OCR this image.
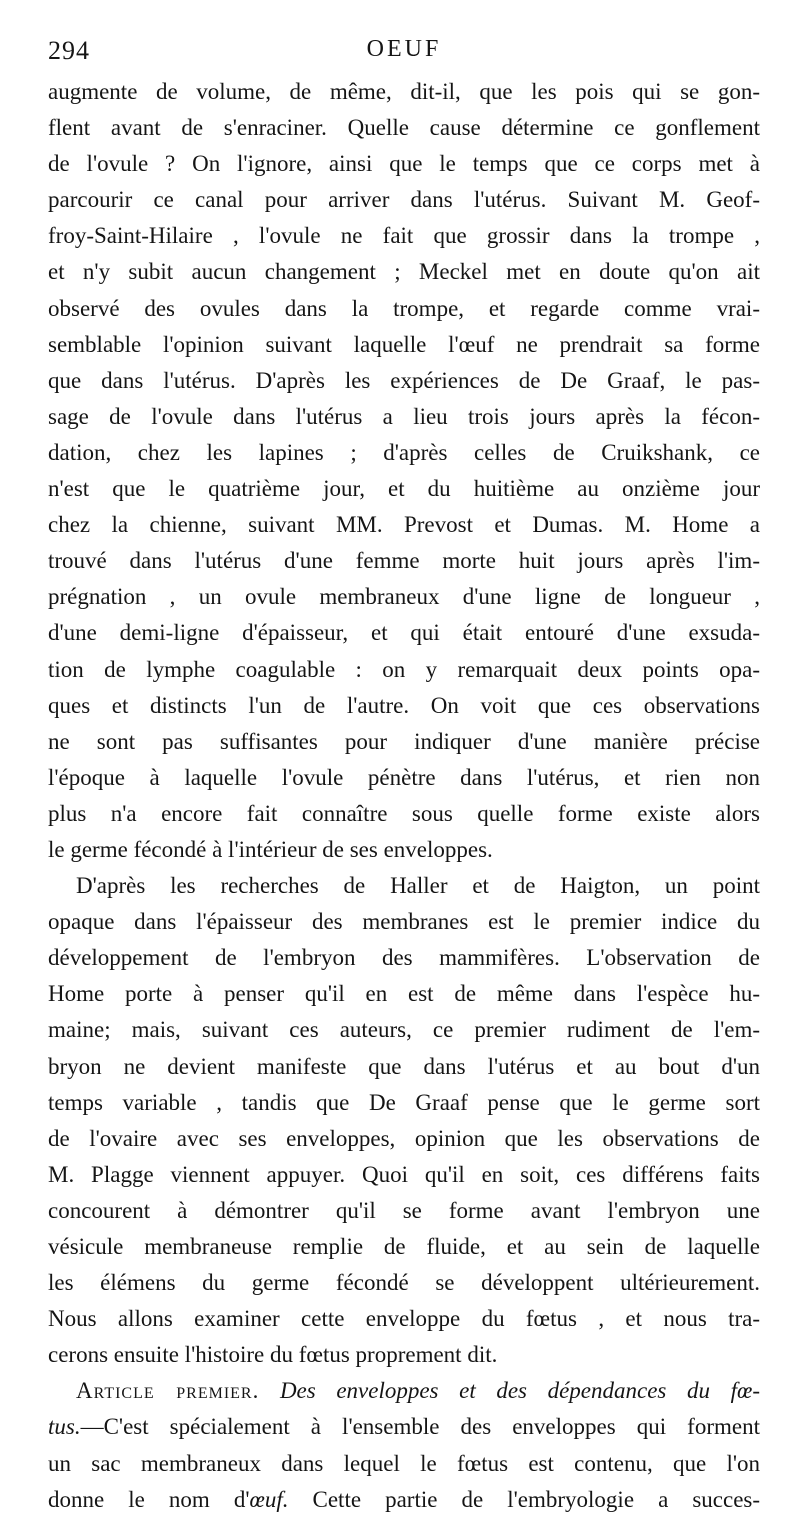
294	OEUF
augmente de volume, de même, dit-il, que les pois qui se gon-
flent avant de s'enraciner. Quelle cause détermine ce gonflement
de l'ovule ? On l'ignore, ainsi que le temps que ce corps met à
parcourir ce canal pour arriver dans l'utérus. Suivant M. Geof-
froy-Saint-Hilaire , l'ovule ne fait que grossir dans la trompe ,
et n'y subit aucun changement ; Meckel met en doute qu'on ait
observé des ovules dans la trompe, et regarde comme vrai-
semblable l'opinion suivant laquelle l'œuf ne prendrait sa forme
que dans l'utérus. D'après les expériences de De Graaf, le pas-
sage de l'ovule dans l'utérus a lieu trois jours après la fécon-
dation, chez les lapines ; d'après celles de Cruikshank, ce
n'est que le quatrième jour, et du huitième au onzième jour
chez la chienne, suivant MM. Prevost et Dumas. M. Home a
trouvé dans l'utérus d'une femme morte huit jours après l'im-
prégnation , un ovule membraneux d'une ligne de longueur ,
d'une demi-ligne d'épaisseur, et qui était entouré d'une exsuda-
tion de lymphe coagulable : on y remarquait deux points opa-
ques et distincts l'un de l'autre. On voit que ces observations
ne sont pas suffisantes pour indiquer d'une manière précise
l'époque à laquelle l'ovule pénètre dans l'utérus, et rien non
plus n'a encore fait connaître sous quelle forme existe alors
le germe fécondé à l'intérieur de ses enveloppes.
D'après les recherches de Haller et de Haigton, un point
opaque dans l'épaisseur des membranes est le premier indice du
développement de l'embryon des mammifères. L'observation de
Home porte à penser qu'il en est de même dans l'espèce hu-
maine; mais, suivant ces auteurs, ce premier rudiment de l'em-
bryon ne devient manifeste que dans l'utérus et au bout d'un
temps variable , tandis que De Graaf pense que le germe sort
de l'ovaire avec ses enveloppes, opinion que les observations de
M. Plagge viennent appuyer. Quoi qu'il en soit, ces différens faits
concourent à démontrer qu'il se forme avant l'embryon une
vésicule membraneuse remplie de fluide, et au sein de laquelle
les élémens du germe fécondé se développent ultérieurement.
Nous allons examiner cette enveloppe du fœtus , et nous tra-
cerons ensuite l'histoire du fœtus proprement dit.
Article premier. Des enveloppes et des dépendances du fœ-
tus.—C'est spécialement à l'ensemble des enveloppes qui forment
un sac membraneux dans lequel le fœtus est contenu, que l'on
donne le nom d'œuf. Cette partie de l'embryologie a succes-
